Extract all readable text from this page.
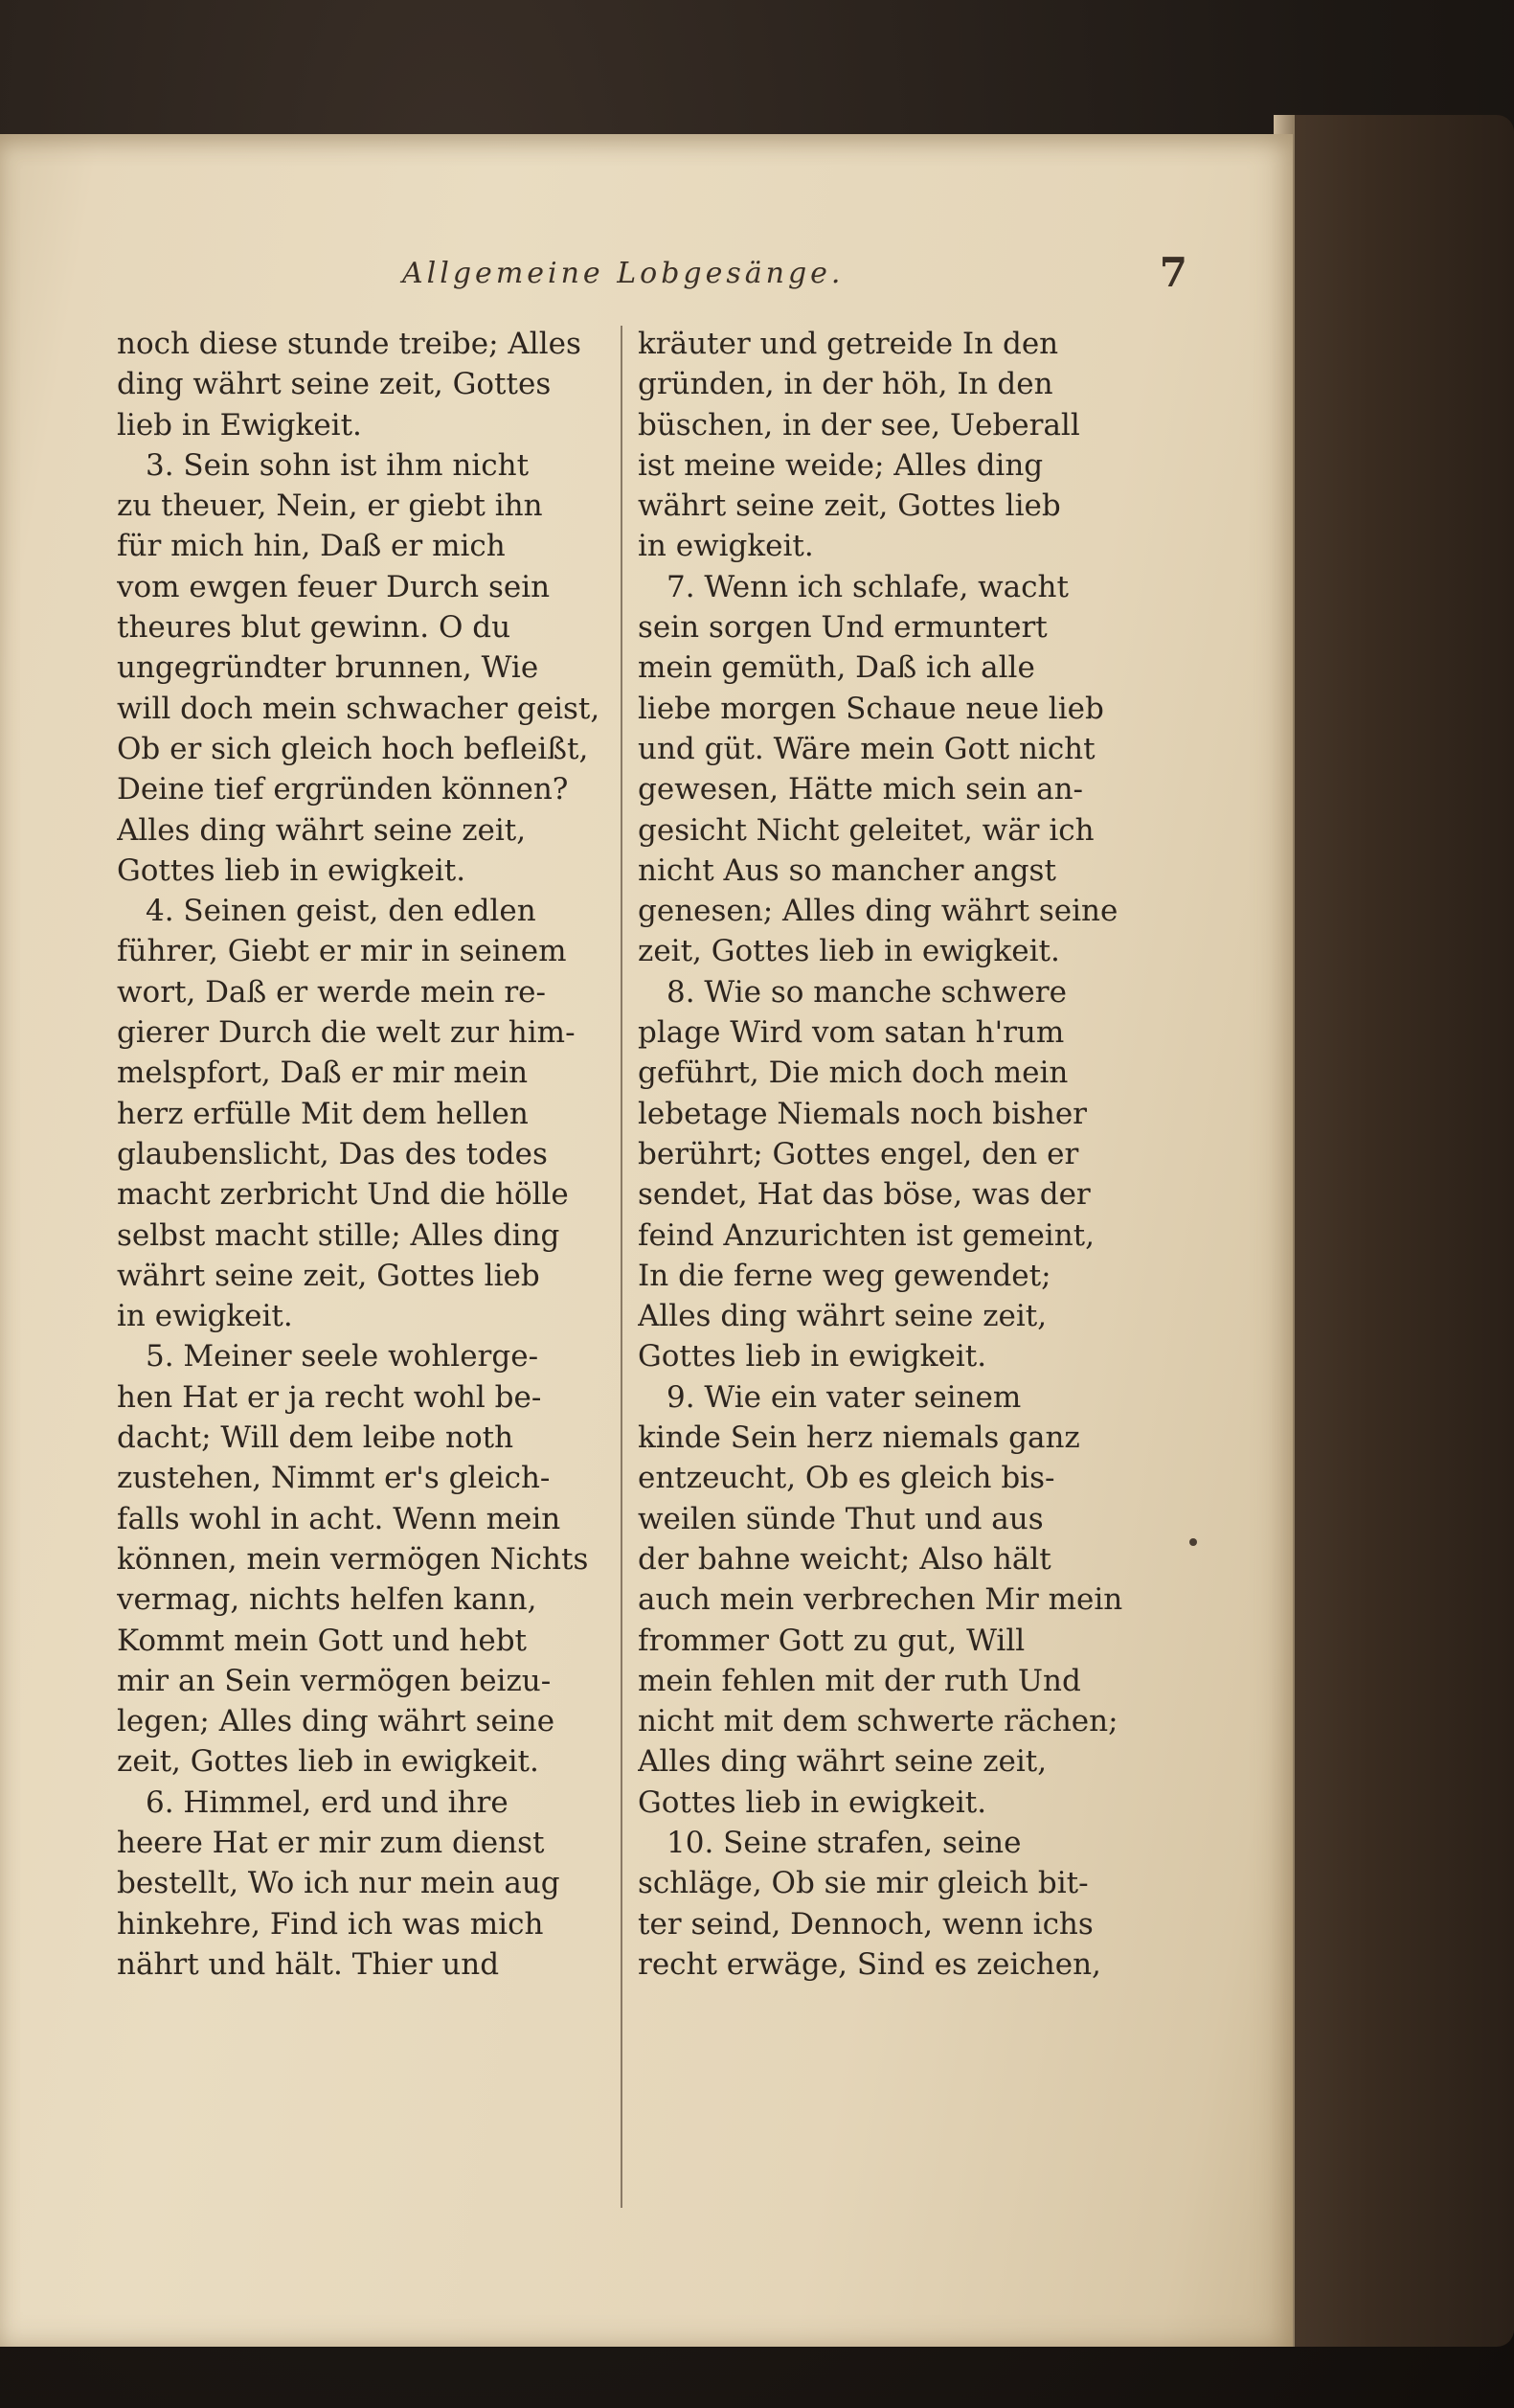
Allgemeine Lobgesänge.	7
noch diese stunde treibe; Alles
ding währt seine zeit, Gottes
lieb in Ewigkeit.
3. Sein sohn ist ihm nicht
zu theuer, Nein, er giebt ihn
für mich hin, Daß er mich
vom ewgen feuer Durch sein
theures blut gewinn. O du
ungegründter brunnen, Wie
will doch mein schwacher geist,
Ob er sich gleich hoch befleißt,
Deine tief ergründen können?
Alles ding währt seine zeit,
Gottes lieb in ewigkeit.
4. Seinen geist, den edlen
führer, Giebt er mir in seinem
wort, Daß er werde mein re-
gierer Durch die welt zur him-
melspfort, Daß er mir mein
herz erfülle Mit dem hellen
glaubenslicht, Das des todes
macht zerbricht Und die hölle
selbst macht stille; Alles ding
währt seine zeit, Gottes lieb
in ewigkeit.
5. Meiner seele wohlerge-
hen Hat er ja recht wohl be-
dacht; Will dem leibe noth
zustehen, Nimmt er's gleich-
falls wohl in acht. Wenn mein
können, mein vermögen Nichts
vermag, nichts helfen kann,
Kommt mein Gott und hebt
mir an Sein vermögen beizu-
legen; Alles ding währt seine
zeit, Gottes lieb in ewigkeit.
6. Himmel, erd und ihre
heere Hat er mir zum dienst
bestellt, Wo ich nur mein aug
hinkehre, Find ich was mich
nährt und hält. Thier und
kräuter und getreide In den
gründen, in der höh, In den
büschen, in der see, Ueberall
ist meine weide; Alles ding
währt seine zeit, Gottes lieb
in ewigkeit.
7. Wenn ich schlafe, wacht
sein sorgen Und ermuntert
mein gemüth, Daß ich alle
liebe morgen Schaue neue lieb
und güt. Wäre mein Gott nicht
gewesen, Hätte mich sein an-
gesicht Nicht geleitet, wär ich
nicht Aus so mancher angst
genesen; Alles ding währt seine
zeit, Gottes lieb in ewigkeit.
8. Wie so manche schwere
plage Wird vom satan h'rum
geführt, Die mich doch mein
lebetage Niemals noch bisher
berührt; Gottes engel, den er
sendet, Hat das böse, was der
feind Anzurichten ist gemeint,
In die ferne weg gewendet;
Alles ding währt seine zeit,
Gottes lieb in ewigkeit.
9. Wie ein vater seinem
kinde Sein herz niemals ganz
entzeucht, Ob es gleich bis-
weilen sünde Thut und aus
der bahne weicht; Also hält
auch mein verbrechen Mir mein
frommer Gott zu gut, Will
mein fehlen mit der ruth Und
nicht mit dem schwerte rächen;
Alles ding währt seine zeit,
Gottes lieb in ewigkeit.
10. Seine strafen, seine
schläge, Ob sie mir gleich bit-
ter seind, Dennoch, wenn ichs
recht erwäge, Sind es zeichen,
